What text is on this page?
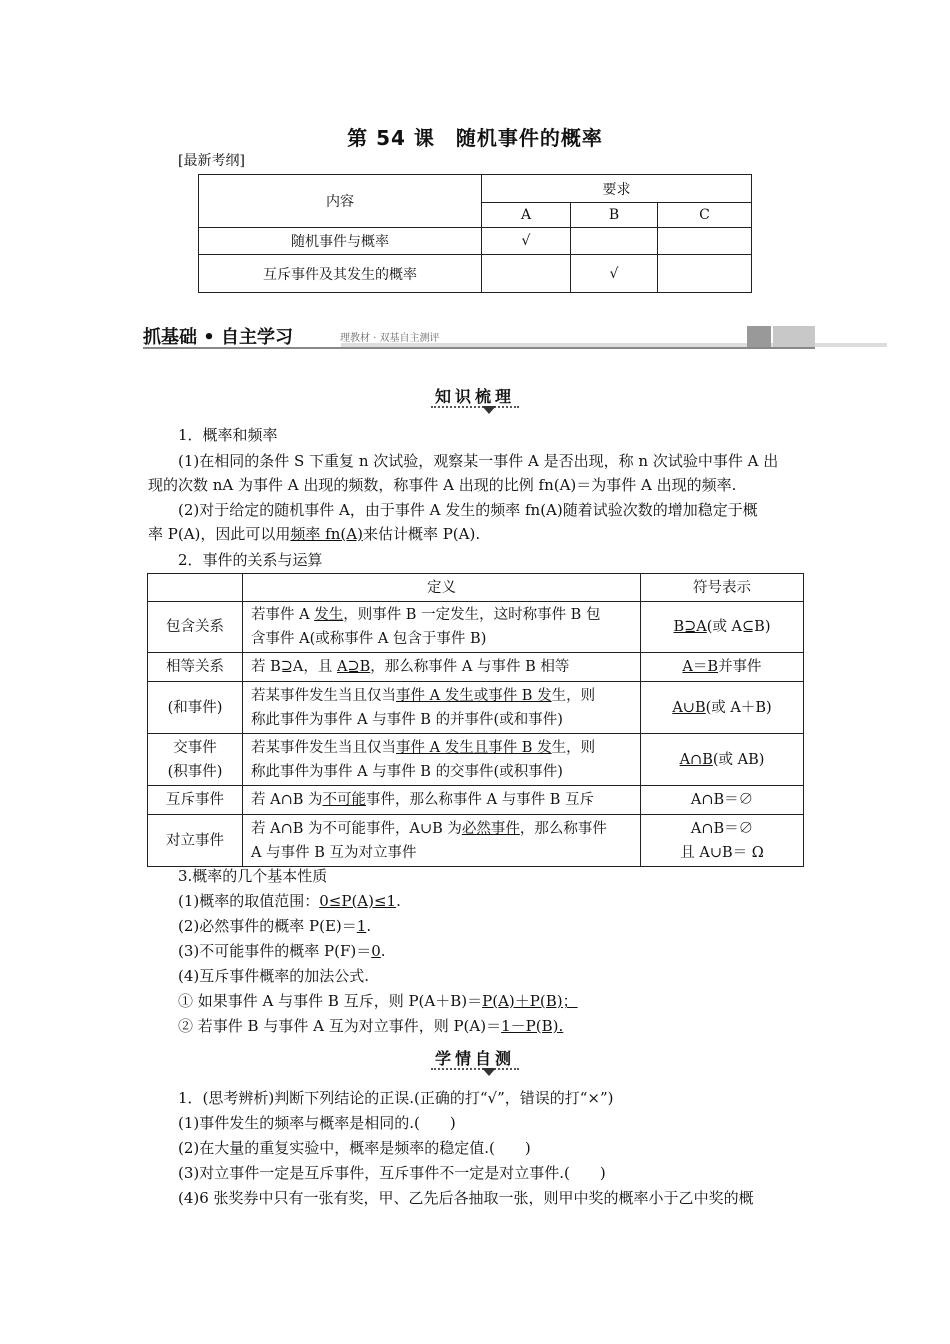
第 54 课　随机事件的概率
[最新考纲]
内容	要求		
	A	B	C
随机事件与概率	√		
互斥事件及其发生的概率		√	
抓基础 • 自主学习	理教材 · 双基自主测评
知识梳理
1．概率和频率
(1)在相同的条件 S 下重复 n 次试验，观察某一事件 A 是否出现，称 n 次试验中事件 A 出
现的次数 nA 为事件 A 出现的频数，称事件 A 出现的比例 fn(A)＝为事件 A 出现的频率.
(2)对于给定的随机事件 A，由于事件 A 发生的频率 fn(A)随着试验次数的增加稳定于概
率 P(A)，因此可以用频率 fn(A)来估计概率 P(A).
2．事件的关系与运算
	定义	符号表示
包含关系	若事件 A 发生，则事件 B 一定发生，这时称事件 B 包
含事件 A(或称事件 A 包含于事件 B)	B⊇A(或 A⊆B)
相等关系	若 B⊇A，且 A⊇B，那么称事件 A 与事件 B 相等	A＝B并事件
(和事件)	若某事件发生当且仅当事件 A 发生或事件 B 发生，则
称此事件为事件 A 与事件 B 的并事件(或和事件)	A∪B(或 A＋B)
交事件
(积事件)	若某事件发生当且仅当事件 A 发生且事件 B 发生，则
称此事件为事件 A 与事件 B 的交事件(或积事件)	A∩B(或 AB)
互斥事件	若 A∩B 为不可能事件，那么称事件 A 与事件 B 互斥	A∩B＝∅
对立事件	若 A∩B 为不可能事件，A∪B 为必然事件，那么称事件
A 与事件 B 互为对立事件	A∩B＝∅
且 A∪B＝ Ω
3.概率的几个基本性质
(1)概率的取值范围：0≤P(A)≤1.
(2)必然事件的概率 P(E)＝1.
(3)不可能事件的概率 P(F)＝0.
(4)互斥事件概率的加法公式.
① 如果事件 A 与事件 B 互斥，则 P(A＋B)＝P(A)＋P(B)；
② 若事件 B 与事件 A 互为对立事件，则 P(A)＝1－P(B).
学情自测
1．(思考辨析)判断下列结论的正误.(正确的打“√”，错误的打“×”)
(1)事件发生的频率与概率是相同的.(　　)
(2)在大量的重复实验中，概率是频率的稳定值.(　　)
(3)对立事件一定是互斥事件，互斥事件不一定是对立事件.(　　)
(4)6 张奖券中只有一张有奖，甲、乙先后各抽取一张，则甲中奖的概率小于乙中奖的概
